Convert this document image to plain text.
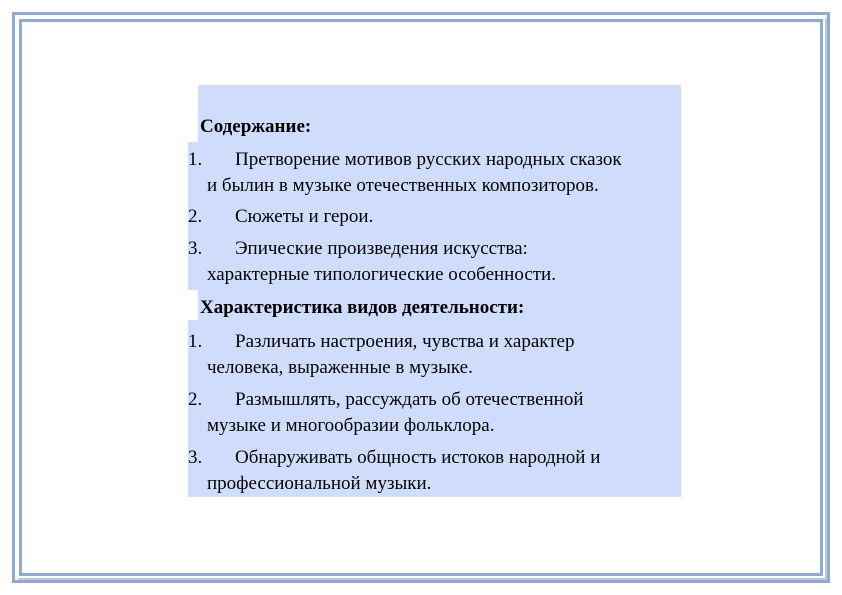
Содержание:
1. Претворение мотивов русских народных сказок
и былин в музыке отечественных композиторов.
2. Сюжеты и герои.
3. Эпические произведения искусства:
характерные типологические особенности.
Характеристика видов деятельности:
1. Различать настроения, чувства и характер
человека, выраженные в музыке.
2. Размышлять, рассуждать об отечественной
музыке и многообразии фольклора.
3. Обнаруживать общность истоков народной и
профессиональной музыки.
